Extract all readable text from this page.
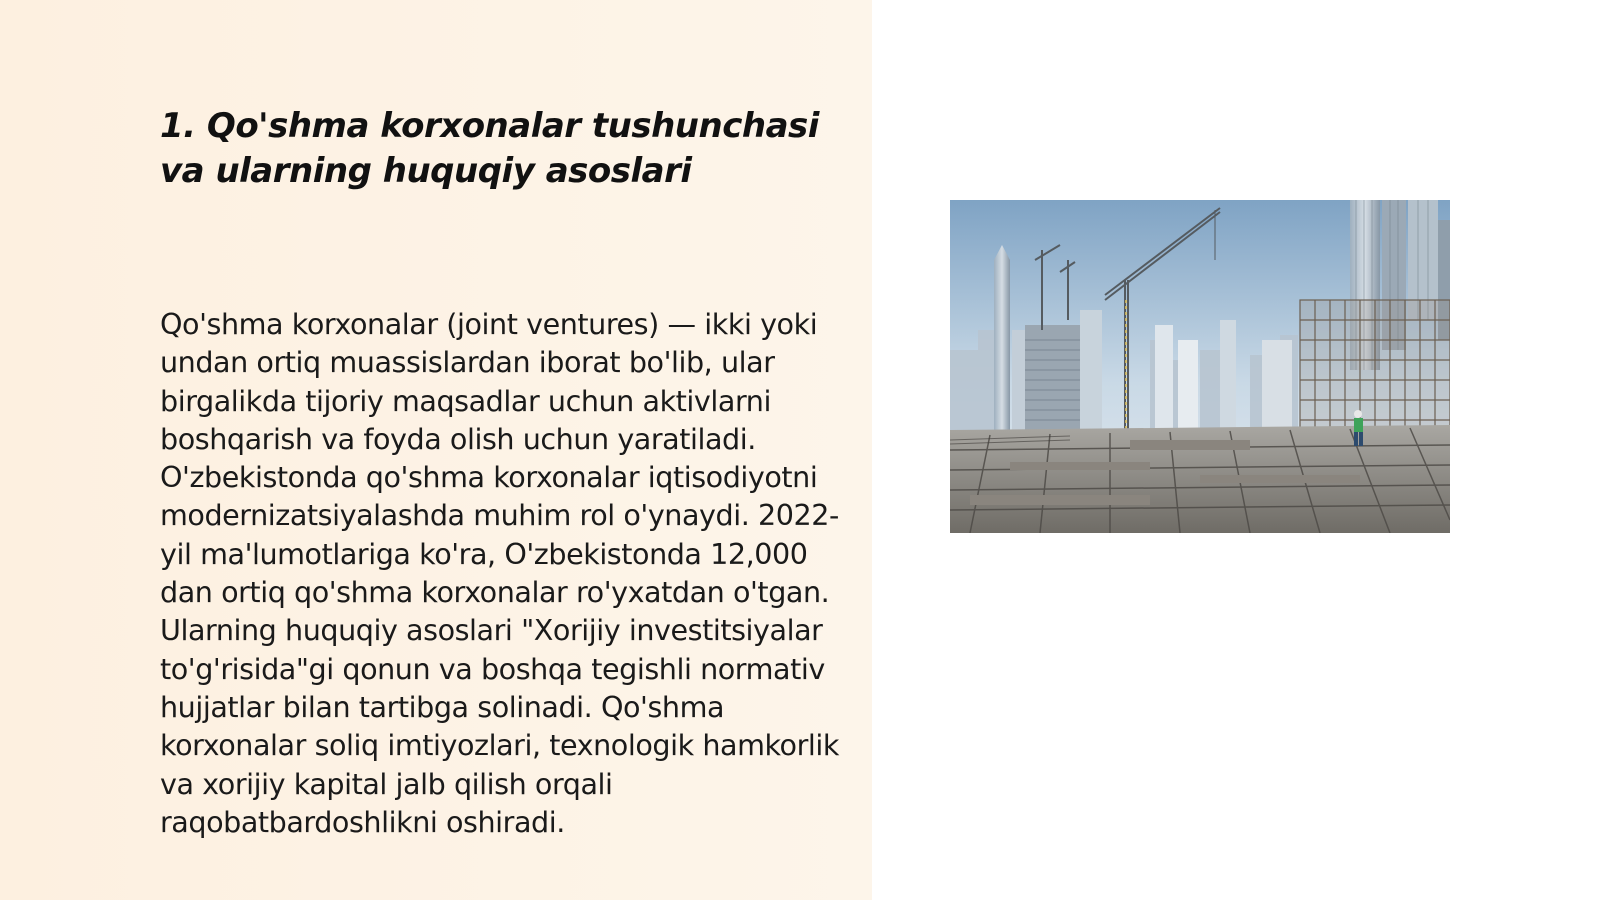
1. Qo'shma korxonalar tushunchasi va ularning huquqiy asoslari

Qo'shma korxonalar (joint ventures) — ikki yoki undan ortiq muassislardan iborat bo'lib, ular birgalikda tijoriy maqsadlar uchun aktivlarni boshqarish va foyda olish uchun yaratiladi. O'zbekistonda qo'shma korxonalar iqtisodiyotni modernizatsiyalashda muhim rol o'ynaydi. 2022-yil ma'lumotlariga ko'ra, O'zbekistonda 12,000 dan ortiq qo'shma korxonalar ro'yxatdan o'tgan. Ularning huquqiy asoslari "Xorijiy investitsiyalar to'g'risida"gi qonun va boshqa tegishli normativ hujjatlar bilan tartibga solinadi. Qo'shma korxonalar soliq imtiyozlari, texnologik hamkorlik va xorijiy kapital jalb qilish orqali raqobatbardoshlikni oshiradi.
